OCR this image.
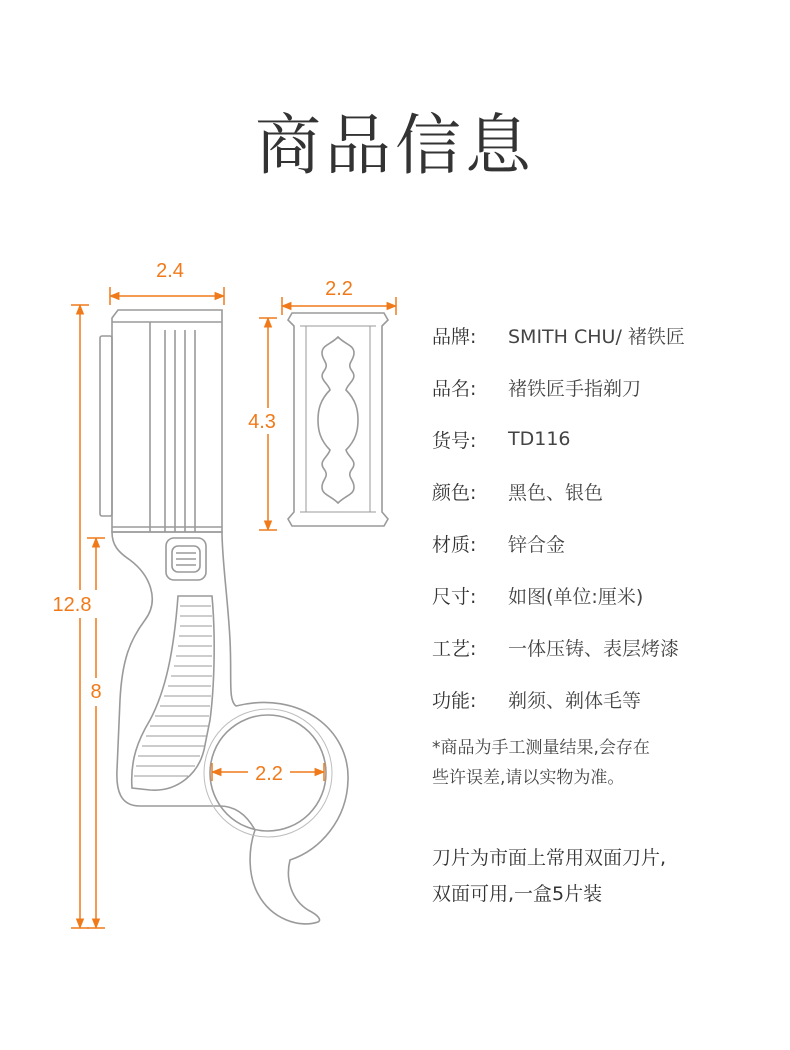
商品信息
2.4
2.2
4.3
12.8
8
2.2
品牌:	SMITH CHU/ 褚铁匠
品名:	褚铁匠手指剃刀
货号:	TD116
颜色:	黑色、银色
材质:	锌合金
尺寸:	如图(单位:厘米)
工艺:	一体压铸、表层烤漆
功能:	剃须、剃体毛等
*商品为手工测量结果,会存在
些许误差,请以实物为准。
刀片为市面上常用双面刀片,
双面可用,一盒5片装
